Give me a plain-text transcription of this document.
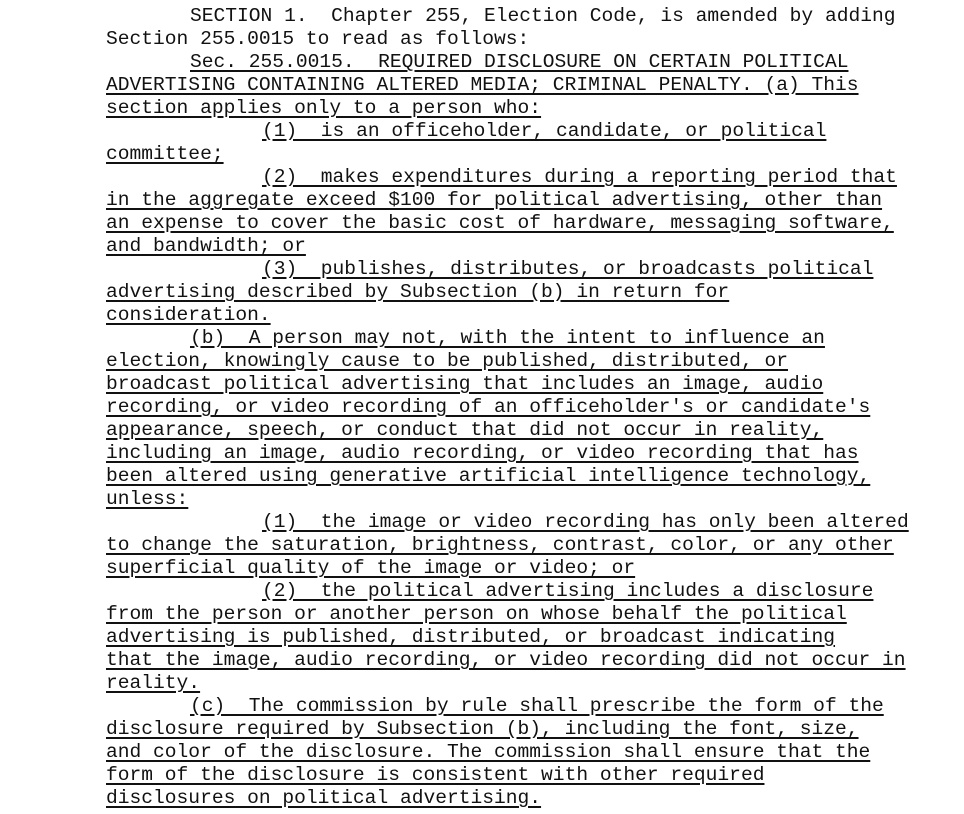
SECTION 1.  Chapter 255, Election Code, is amended by adding
Section 255.0015 to read as follows:
Sec. 255.0015.  REQUIRED DISCLOSURE ON CERTAIN POLITICAL
ADVERTISING CONTAINING ALTERED MEDIA; CRIMINAL PENALTY. (a) This
section applies only to a person who:
(1)  is an officeholder, candidate, or political
committee;
(2)  makes expenditures during a reporting period that
in the aggregate exceed $100 for political advertising, other than
an expense to cover the basic cost of hardware, messaging software,
and bandwidth; or
(3)  publishes, distributes, or broadcasts political
advertising described by Subsection (b) in return for
consideration.
(b)  A person may not, with the intent to influence an
election, knowingly cause to be published, distributed, or
broadcast political advertising that includes an image, audio
recording, or video recording of an officeholder's or candidate's
appearance, speech, or conduct that did not occur in reality,
including an image, audio recording, or video recording that has
been altered using generative artificial intelligence technology,
unless:
(1)  the image or video recording has only been altered
to change the saturation, brightness, contrast, color, or any other
superficial quality of the image or video; or
(2)  the political advertising includes a disclosure
from the person or another person on whose behalf the political
advertising is published, distributed, or broadcast indicating
that the image, audio recording, or video recording did not occur in
reality.
(c)  The commission by rule shall prescribe the form of the
disclosure required by Subsection (b), including the font, size,
and color of the disclosure. The commission shall ensure that the
form of the disclosure is consistent with other required
disclosures on political advertising.
